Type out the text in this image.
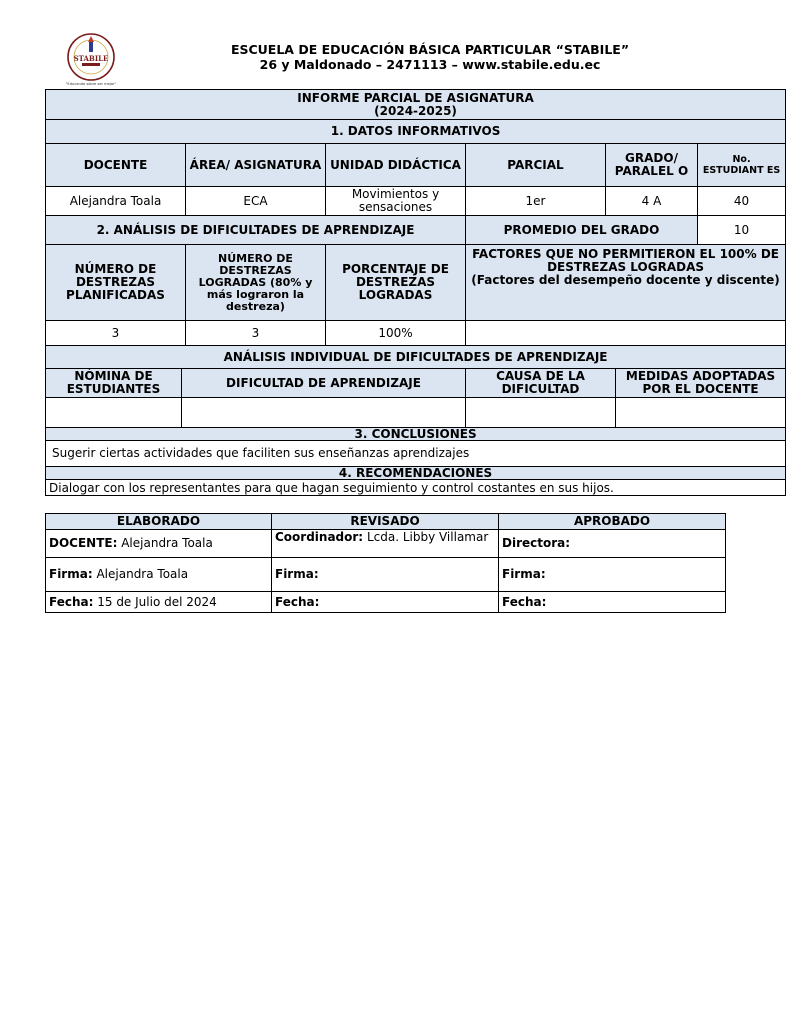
STABILE
"Educando sobre ser mejor"
ESCUELA DE EDUCACIÓN BÁSICA PARTICULAR “STABILE”
26 y Maldonado – 2471113 – www.stabile.edu.ec
INFORME PARCIAL DE ASIGNATURA
(2024-2025)							

1. DATOS INFORMATIVOS							
DOCENTE		ÁREA/ ASIGNATURA	UNIDAD DIDÁCTICA	PARCIAL	GRADO/ PARALEL O		No. ESTUDIANT ES
Alejandra Toala		ECA	Movimientos y sensaciones	1er	4 A		40
2. ANÁLISIS DE DIFICULTADES DE APRENDIZAJE				PROMEDIO DEL GRADO			10
NÚMERO DE DESTREZAS PLANIFICADAS		NÚMERO DE DESTREZAS LOGRADAS (80% y más lograron la destreza)	PORCENTAJE DE DESTREZAS LOGRADAS	FACTORES QUE NO PERMITIERON EL 100% DE DESTREZAS LOGRADAS
(Factores del desempeño docente y discente)			

3		3	100%				
ANÁLISIS INDIVIDUAL DE DIFICULTADES DE APRENDIZAJE							
NÓMINA DE ESTUDIANTES	DIFICULTAD DE APRENDIZAJE			CAUSA DE LA DIFICULTAD		MEDIDAS ADOPTADAS POR EL DOCENTE	

3. CONCLUSIONES							
Sugerir ciertas actividades que faciliten sus enseñanzas aprendizajes							
4. RECOMENDACIONES							
Dialogar con los representantes para que hagan seguimiento y control costantes en sus hijos.							
ELABORADO	REVISADO	APROBADO
DOCENTE: Alejandra Toala	Coordinador: Lcda. Libby Villamar	Directora:
Firma: Alejandra Toala	Firma:	Firma:
Fecha: 15 de Julio del 2024	Fecha:	Fecha:
